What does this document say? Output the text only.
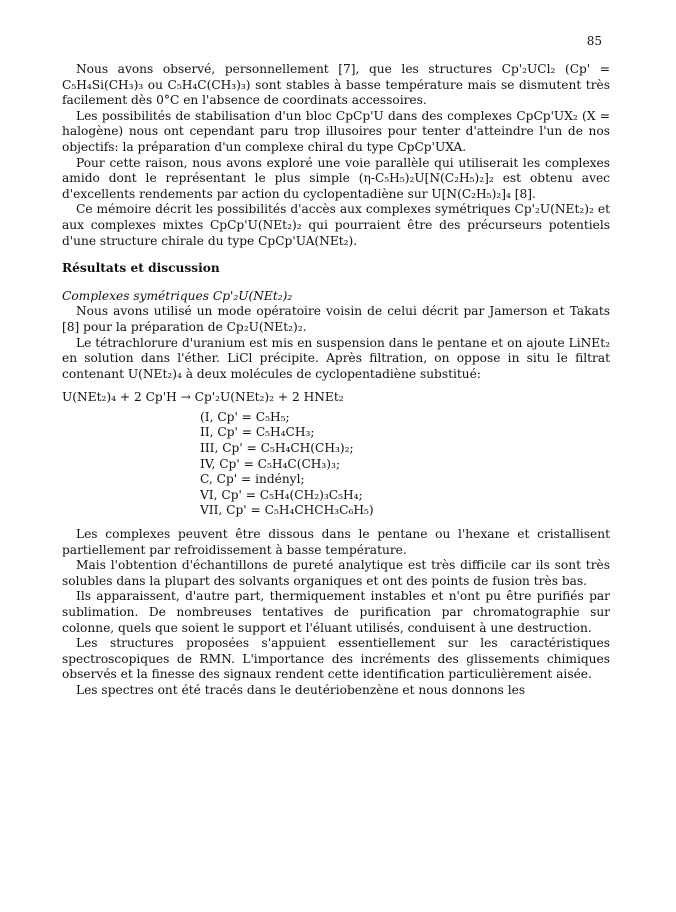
85

Nous avons observé, personnellement [7], que les structures Cp'₂UCl₂ (Cp' = C₅H₄Si(CH₃)₃ ou C₅H₄C(CH₃)₃) sont stables à basse température mais se dismutent très facilement dès 0°C en l'absence de coordinats accessoires.

Les possibilités de stabilisation d'un bloc CpCp'U dans des complexes CpCp'UX₂ (X = halogène) nous ont cependant paru trop illusoires pour tenter d'atteindre l'un de nos objectifs: la préparation d'un complexe chiral du type CpCp'UXA.

Pour cette raison, nous avons exploré une voie parallèle qui utiliserait les complexes amido dont le représentant le plus simple (η-C₅H₅)₂U[N(C₂H₅)₂]₂ est obtenu avec d'excellents rendements par action du cyclopentadiène sur U[N(C₂H₅)₂]₄ [8].

Ce mémoire décrit les possibilités d'accès aux complexes symétriques Cp'₂U(NEt₂)₂ et aux complexes mixtes CpCp'U(NEt₂)₂ qui pourraient être des précurseurs potentiels d'une structure chirale du type CpCp'UA(NEt₂).

Résultats et discussion

Complexes symétriques Cp'₂U(NEt₂)₂

Nous avons utilisé un mode opératoire voisin de celui décrit par Jamerson et Takats [8] pour la préparation de Cp₂U(NEt₂)₂.

Le tétrachlorure d'uranium est mis en suspension dans le pentane et on ajoute LiNEt₂ en solution dans l'éther. LiCl précipite. Après filtration, on oppose in situ le filtrat contenant U(NEt₂)₄ à deux molécules de cyclopentadiène substitué:

U(NEt₂)₄ + 2 Cp'H → Cp'₂U(NEt₂)₂ + 2 HNEt₂

(I, Cp' = C₅H₅;
II, Cp' = C₅H₄CH₃;
III, Cp' = C₅H₄CH(CH₃)₂;
IV, Cp' = C₅H₄C(CH₃)₃;
C, Cp' = indényl;
VI, Cp' = C₅H₄(CH₂)₃C₅H₄;
VII, Cp' = C₅H₄CHCH₃C₆H₅)

Les complexes peuvent être dissous dans le pentane ou l'hexane et cristallisent partiellement par refroidissement à basse température.

Mais l'obtention d'échantillons de pureté analytique est très difficile car ils sont très solubles dans la plupart des solvants organiques et ont des points de fusion très bas.

Ils apparaissent, d'autre part, thermiquement instables et n'ont pu être purifiés par sublimation. De nombreuses tentatives de purification par chromatographie sur colonne, quels que soient le support et l'éluant utilisés, conduisent à une destruction.

Les structures proposées s'appuient essentiellement sur les caractéristiques spectroscopiques de RMN. L'importance des incréments des glissements chimiques observés et la finesse des signaux rendent cette identification particulièrement aisée.

Les spectres ont été tracés dans le deutériobenzène et nous donnons les
